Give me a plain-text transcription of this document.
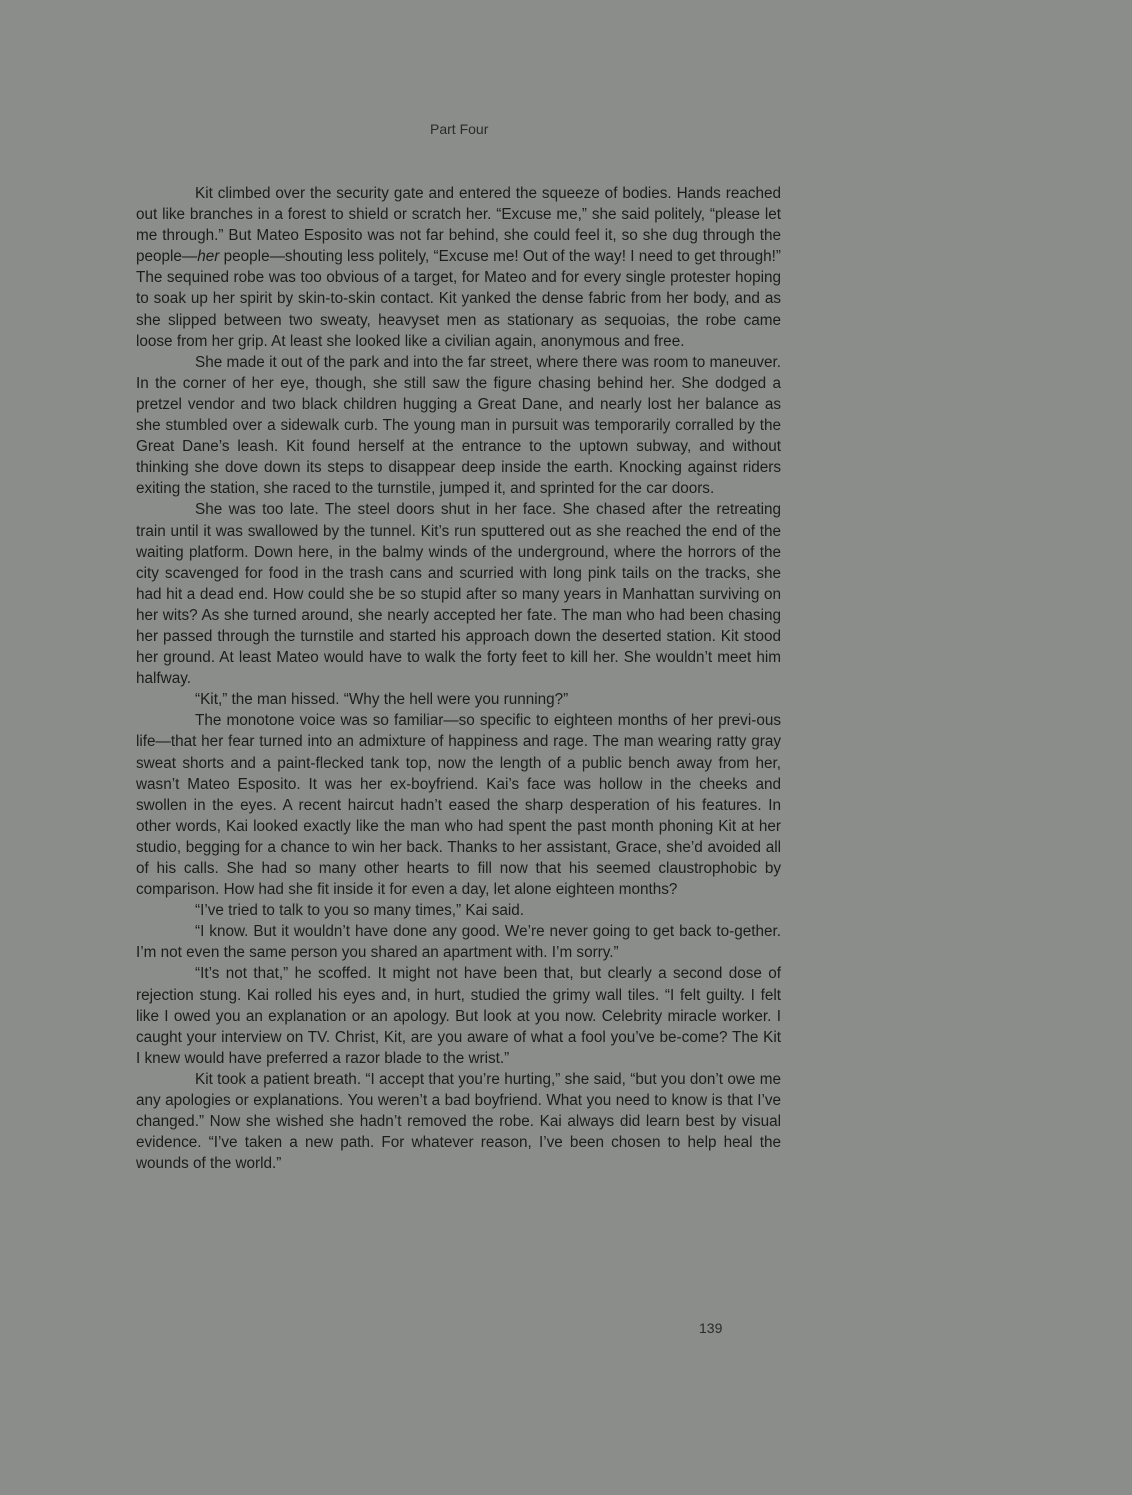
Part Four

Kit climbed over the security gate and entered the squeeze of bodies. Hands reached out like branches in a forest to shield or scratch her. “Excuse me,” she said politely, “please let me through.” But Mateo Esposito was not far behind, she could feel it, so she dug through the people—her people—shouting less politely, “Excuse me! Out of the way! I need to get through!” The sequined robe was too obvious of a target, for Mateo and for every single protester hoping to soak up her spirit by skin-to-skin contact. Kit yanked the dense fabric from her body, and as she slipped between two sweaty, heavyset men as stationary as sequoias, the robe came loose from her grip. At least she looked like a civilian again, anonymous and free.

She made it out of the park and into the far street, where there was room to maneuver. In the corner of her eye, though, she still saw the figure chasing behind her. She dodged a pretzel vendor and two black children hugging a Great Dane, and nearly lost her balance as she stumbled over a sidewalk curb. The young man in pursuit was temporarily corralled by the Great Dane’s leash. Kit found herself at the entrance to the uptown subway, and without thinking she dove down its steps to disappear deep inside the earth. Knocking against riders exiting the station, she raced to the turnstile, jumped it, and sprinted for the car doors.

She was too late. The steel doors shut in her face. She chased after the retreating train until it was swallowed by the tunnel. Kit’s run sputtered out as she reached the end of the waiting platform. Down here, in the balmy winds of the underground, where the horrors of the city scavenged for food in the trash cans and scurried with long pink tails on the tracks, she had hit a dead end. How could she be so stupid after so many years in Manhattan surviving on her wits? As she turned around, she nearly accepted her fate. The man who had been chasing her passed through the turnstile and started his approach down the deserted station. Kit stood her ground. At least Mateo would have to walk the forty feet to kill her. She wouldn’t meet him halfway.

“Kit,” the man hissed. “Why the hell were you running?”

The monotone voice was so familiar—so specific to eighteen months of her previ-ous life—that her fear turned into an admixture of happiness and rage. The man wearing ratty gray sweat shorts and a paint-flecked tank top, now the length of a public bench away from her, wasn’t Mateo Esposito. It was her ex-boyfriend. Kai’s face was hollow in the cheeks and swollen in the eyes. A recent haircut hadn’t eased the sharp desperation of his features. In other words, Kai looked exactly like the man who had spent the past month phoning Kit at her studio, begging for a chance to win her back. Thanks to her assistant, Grace, she’d avoided all of his calls. She had so many other hearts to fill now that his seemed claustrophobic by comparison. How had she fit inside it for even a day, let alone eighteen months?

“I’ve tried to talk to you so many times,” Kai said.

“I know. But it wouldn’t have done any good. We’re never going to get back to-gether. I’m not even the same person you shared an apartment with. I’m sorry.”

“It’s not that,” he scoffed. It might not have been that, but clearly a second dose of rejection stung. Kai rolled his eyes and, in hurt, studied the grimy wall tiles. “I felt guilty. I felt like I owed you an explanation or an apology. But look at you now. Celebrity miracle worker. I caught your interview on TV. Christ, Kit, are you aware of what a fool you’ve be-come? The Kit I knew would have preferred a razor blade to the wrist.”

Kit took a patient breath. “I accept that you’re hurting,” she said, “but you don’t owe me any apologies or explanations. You weren’t a bad boyfriend. What you need to know is that I’ve changed.” Now she wished she hadn’t removed the robe. Kai always did learn best by visual evidence. “I’ve taken a new path. For whatever reason, I’ve been chosen to help heal the wounds of the world.”

139
